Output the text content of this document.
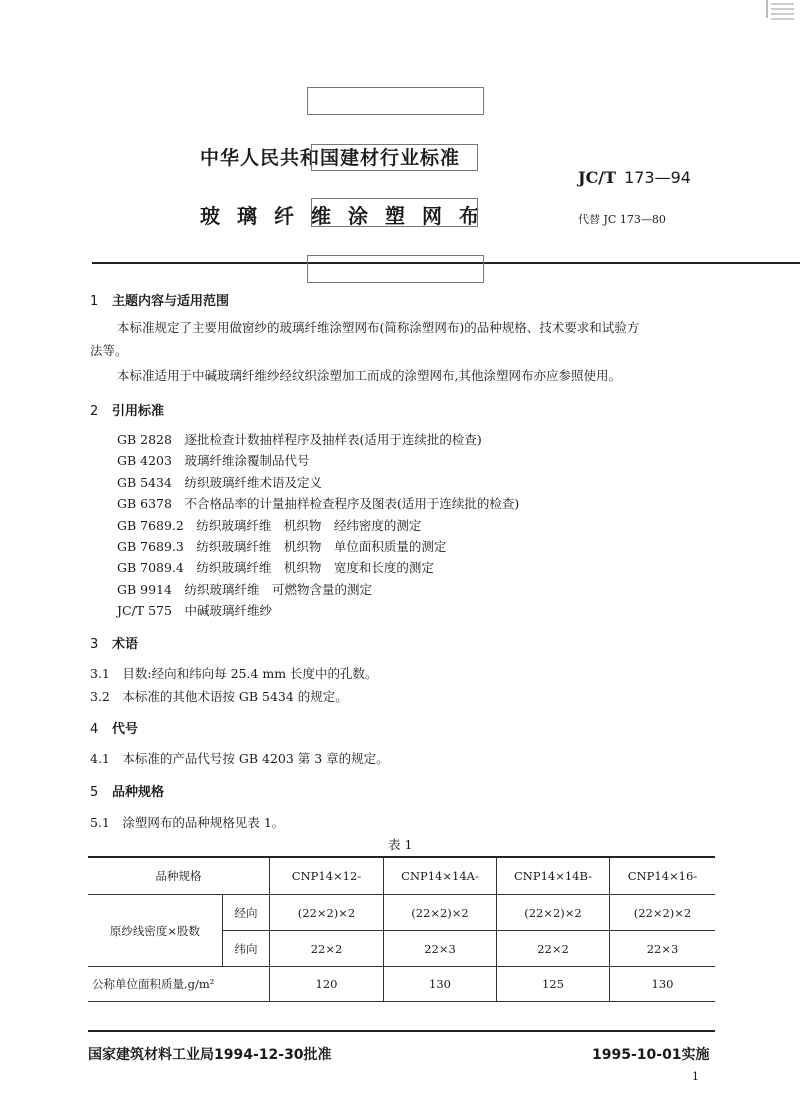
中华人民共和国建材行业标准
玻璃纤维涂塑网布
JC/T 173—94
代替 JC 173—80
1 主题内容与适用范围
本标准规定了主要用做窗纱的玻璃纤维涂塑网布(简称涂塑网布)的品种规格、技术要求和试验方
法等。
本标准适用于中碱玻璃纤维纱经纹织涂塑加工而成的涂塑网布,其他涂塑网布亦应参照使用。
2 引用标准
GB 2828　逐批检查计数抽样程序及抽样表(适用于连续批的检查)
GB 4203　玻璃纤维涂覆制品代号
GB 5434　纺织玻璃纤维术语及定义
GB 6378　不合格品率的计量抽样检查程序及图表(适用于连续批的检查)
GB 7689.2　纺织玻璃纤维　机织物　经纬密度的测定
GB 7689.3　纺织玻璃纤维　机织物　单位面积质量的测定
GB 7089.4　纺织玻璃纤维　机织物　宽度和长度的测定
GB 9914　纺织玻璃纤维　可燃物含量的测定
JC/T 575　中碱玻璃纤维纱
3 术语
3.1　目数:经向和纬向每 25.4 mm 长度中的孔数。
3.2　本标准的其他术语按 GB 5434 的规定。
4 代号
4.1　本标准的产品代号按 GB 4203 第 3 章的规定。
5 品种规格
5.1　涂塑网布的品种规格见表 1。
表 1
品种规格		CNP14×12-	CNP14×14A-	CNP14×14B-	CNP14×16-
原纱线密度×股数	经向	(22×2)×2	(22×2)×2	(22×2)×2	(22×2)×2
	纬向	22×2	22×3	22×2	22×3
公称单位面积质量,g/m²		120	130	125	130
国家建筑材料工业局1994-12-30批准	1995-10-01实施
1
